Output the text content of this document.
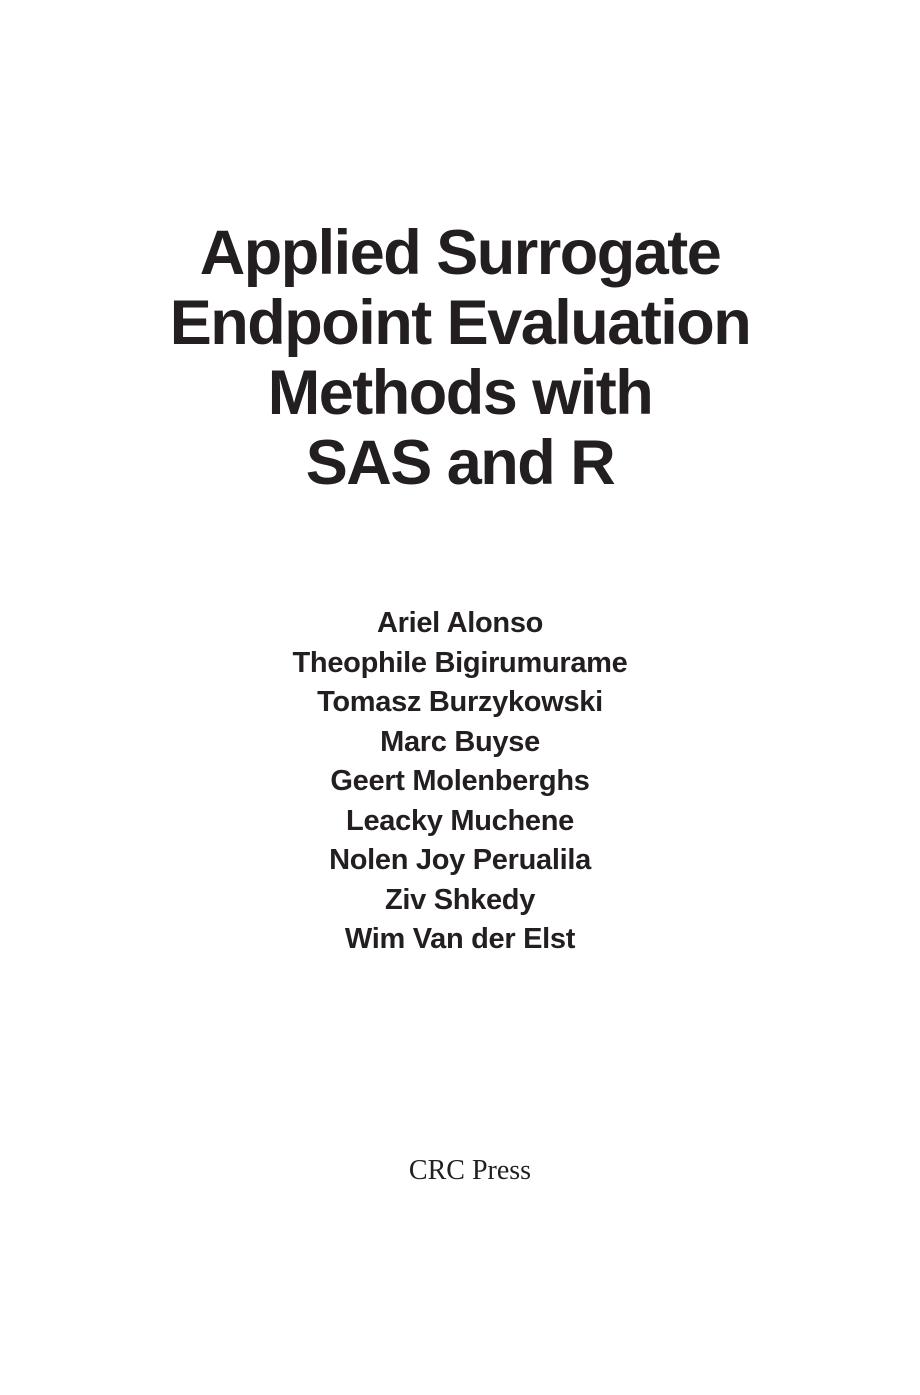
Applied Surrogate
Endpoint Evaluation
Methods with
SAS and R
Ariel Alonso
Theophile Bigirumurame
Tomasz Burzykowski
Marc Buyse
Geert Molenberghs
Leacky Muchene
Nolen Joy Perualila
Ziv Shkedy
Wim Van der Elst
CRC Press
